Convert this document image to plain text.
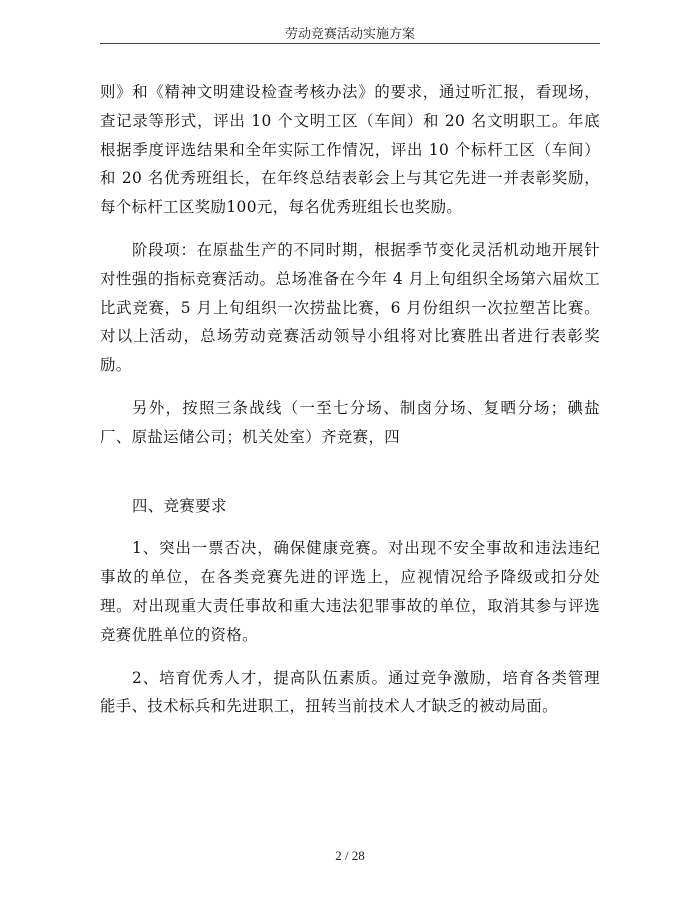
劳动竞赛活动实施方案

则》和《精神文明建设检查考核办法》的要求，通过听汇报，看现场，查记录等形式，评出 10 个文明工区（车间）和 20 名文明职工。年底根据季度评选结果和全年实际工作情况，评出 10 个标杆工区（车间）和 20 名优秀班组长，在年终总结表彰会上与其它先进一并表彰奖励，每个标杆工区奖励100元，每名优秀班组长也奖励。

阶段项：在原盐生产的不同时期，根据季节变化灵活机动地开展针对性强的指标竞赛活动。总场准备在今年 4 月上旬组织全场第六届炊工比武竞赛，5 月上旬组织一次捞盐比赛，6 月份组织一次拉塑苫比赛。对以上活动，总场劳动竞赛活动领导小组将对比赛胜出者进行表彰奖励。

另外，按照三条战线（一至七分场、制卤分场、复晒分场；碘盐厂、原盐运储公司；机关处室）齐竞赛，四

四、竞赛要求

1、突出一票否决，确保健康竞赛。对出现不安全事故和违法违纪事故的单位，在各类竞赛先进的评选上，应视情况给予降级或扣分处理。对出现重大责任事故和重大违法犯罪事故的单位，取消其参与评选竞赛优胜单位的资格。

2、培育优秀人才，提高队伍素质。通过竞争激励，培育各类管理能手、技术标兵和先进职工，扭转当前技术人才缺乏的被动局面。

2 / 28
